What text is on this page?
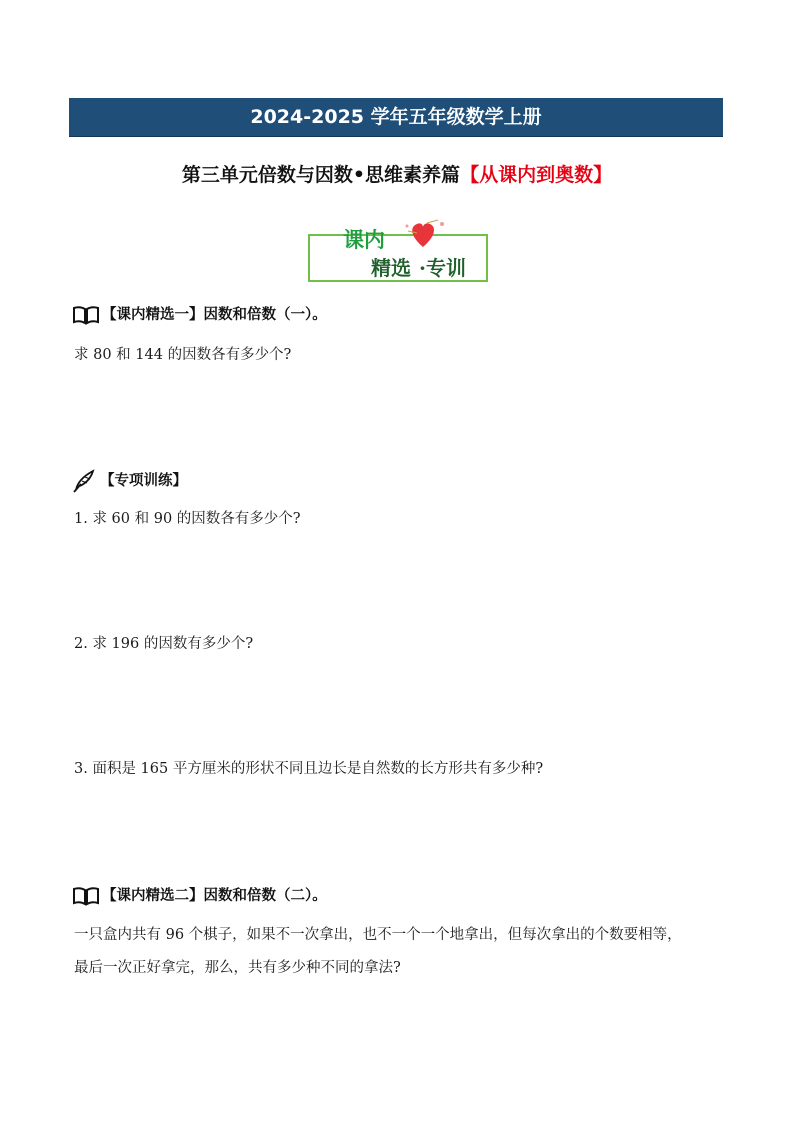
2024-2025 学年五年级数学上册
第三单元倍数与因数•思维素养篇【从课内到奥数】
课内
精选 ·专训
【课内精选一】因数和倍数（一）。
求 80 和 144 的因数各有多少个?
【专项训练】
1. 求 60 和 90 的因数各有多少个?
2. 求 196 的因数有多少个?
3. 面积是 165 平方厘米的形状不同且边长是自然数的长方形共有多少种?
【课内精选二】因数和倍数（二）。
一只盒内共有 96 个棋子，如果不一次拿出，也不一个一个地拿出，但每次拿出的个数要相等，
最后一次正好拿完，那么，共有多少种不同的拿法?
